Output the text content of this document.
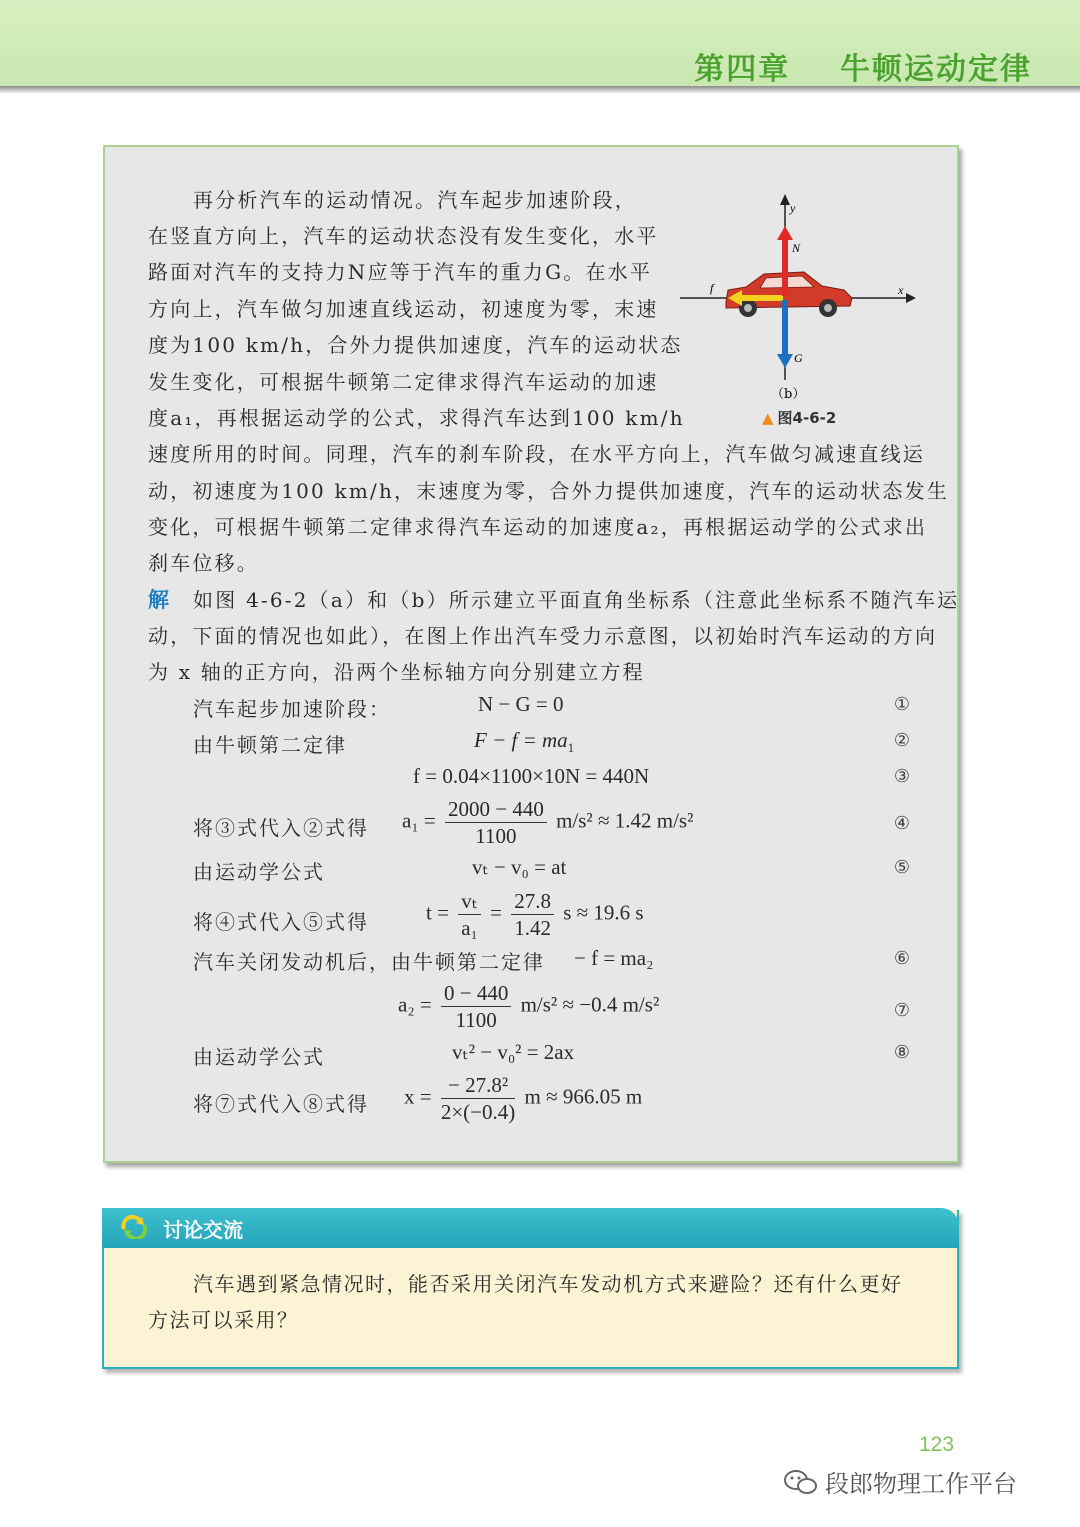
第四章    牛顿运动定律
再分析汽车的运动情况。汽车起步加速阶段，
在竖直方向上，汽车的运动状态没有发生变化，水平
路面对汽车的支持力N应等于汽车的重力G。在水平
方向上，汽车做匀加速直线运动，初速度为零，末速
度为100 km/h，合外力提供加速度，汽车的运动状态
发生变化，可根据牛顿第二定律求得汽车运动的加速
度a₁，再根据运动学的公式，求得汽车达到100 km/h
速度所用的时间。同理，汽车的刹车阶段，在水平方向上，汽车做匀减速直线运
动，初速度为100 km/h，末速度为零，合外力提供加速度，汽车的运动状态发生
变化，可根据牛顿第二定律求得汽车运动的加速度a₂，再根据运动学的公式求出
刹车位移。
y
x
N
G
f
（b）
▲ 图4-6-2
解 如图 4-6-2（a）和（b）所示建立平面直角坐标系（注意此坐标系不随汽车运
动，下面的情况也如此），在图上作出汽车受力示意图，以初始时汽车运动的方向
为 x 轴的正方向，沿两个坐标轴方向分别建立方程
汽车起步加速阶段：	N − G = 0	①
由牛顿第二定律	$F - f = ma_1$	②
f = 0.04×1100×10N = 440N	③
将③式代入②式得 $a_1 = \frac{2000 - 440}{1100} m/s^2 \approx 1.42$ m/s²	④
由运动学公式	vₜ − v₀ = at	⑤
将④式代入⑤式得	$t = \frac{\text{vₜ}}{\text{a₁}} = \frac{27.8}{1.42}$ s ≈ 19.6 s
汽车关闭发动机后，由牛顿第二定律 − f = ma₂	⑥
$a_2 = \frac{0 - 440}{1100} m/s^2 \approx -0.4$ m/s²	⑦
由运动学公式	vₜ² − v₀² = 2ax	⑧
将⑦式代入⑧式得 $x = \frac{\text{− 27.8²}}{2\times(-0.4)}$ m ≈ 966.05 m
讨论交流
汽车遇到紧急情况时，能否采用关闭汽车发动机方式来避险？还有什么更好
方法可以采用？
123
段郎物理工作平台
